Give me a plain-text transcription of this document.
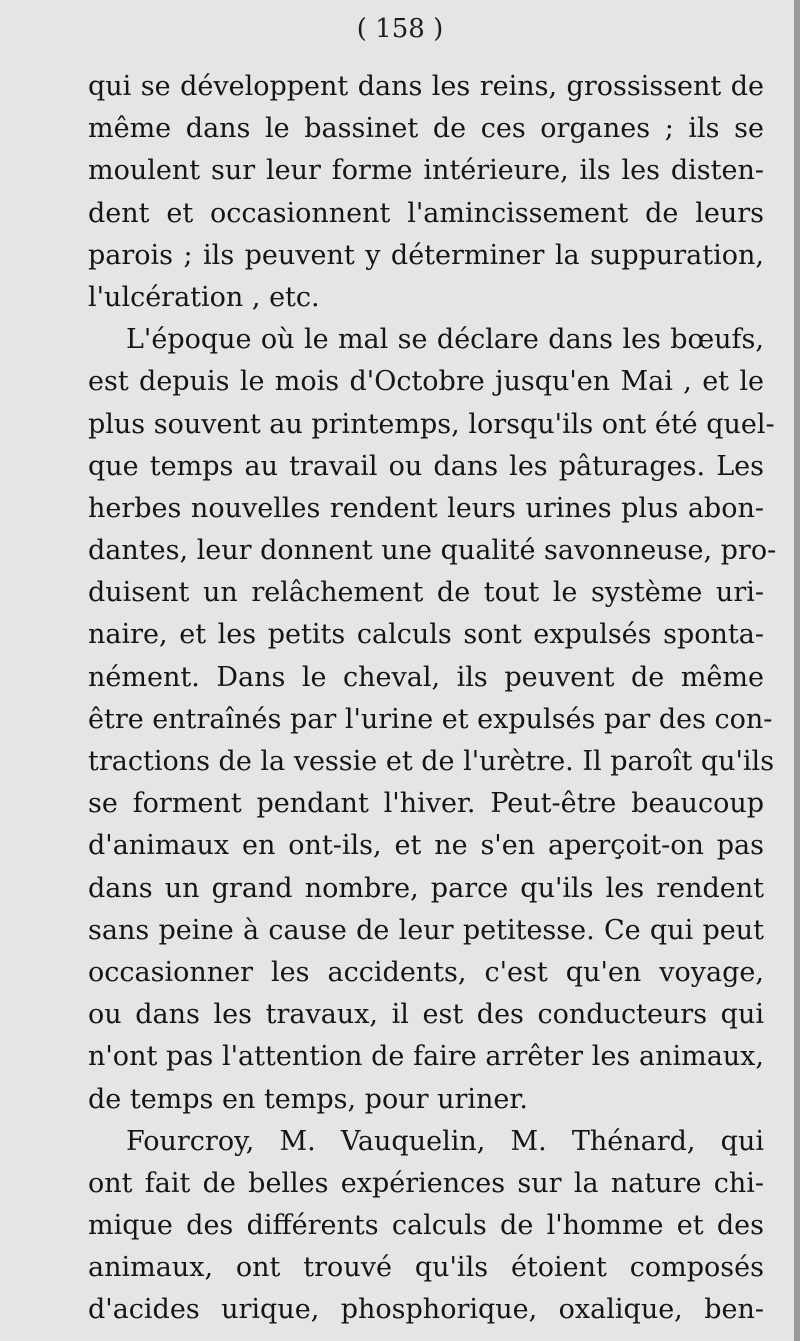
( 158 )
qui se développent dans les reins, grossissent de
même dans le bassinet de ces organes ; ils se
moulent sur leur forme intérieure, ils les disten-
dent et occasionnent l'amincissement de leurs
parois ; ils peuvent y déterminer la suppuration,
l'ulcération , etc.
L'époque où le mal se déclare dans les bœufs,
est depuis le mois d'Octobre jusqu'en Mai , et le
plus souvent au printemps, lorsqu'ils ont été quel-
que temps au travail ou dans les pâturages. Les
herbes nouvelles rendent leurs urines plus abon-
dantes, leur donnent une qualité savonneuse, pro-
duisent un relâchement de tout le système uri-
naire, et les petits calculs sont expulsés sponta-
nément. Dans le cheval, ils peuvent de même
être entraînés par l'urine et expulsés par des con-
tractions de la vessie et de l'urètre. Il paroît qu'ils
se forment pendant l'hiver. Peut-être beaucoup
d'animaux en ont-ils, et ne s'en aperçoit-on pas
dans un grand nombre, parce qu'ils les rendent
sans peine à cause de leur petitesse. Ce qui peut
occasionner les accidents, c'est qu'en voyage,
ou dans les travaux, il est des conducteurs qui
n'ont pas l'attention de faire arrêter les animaux,
de temps en temps, pour uriner.
Fourcroy, M. Vauquelin, M. Thénard, qui
ont fait de belles expériences sur la nature chi-
mique des différents calculs de l'homme et des
animaux, ont trouvé qu'ils étoient composés
d'acides urique, phosphorique, oxalique, ben-
